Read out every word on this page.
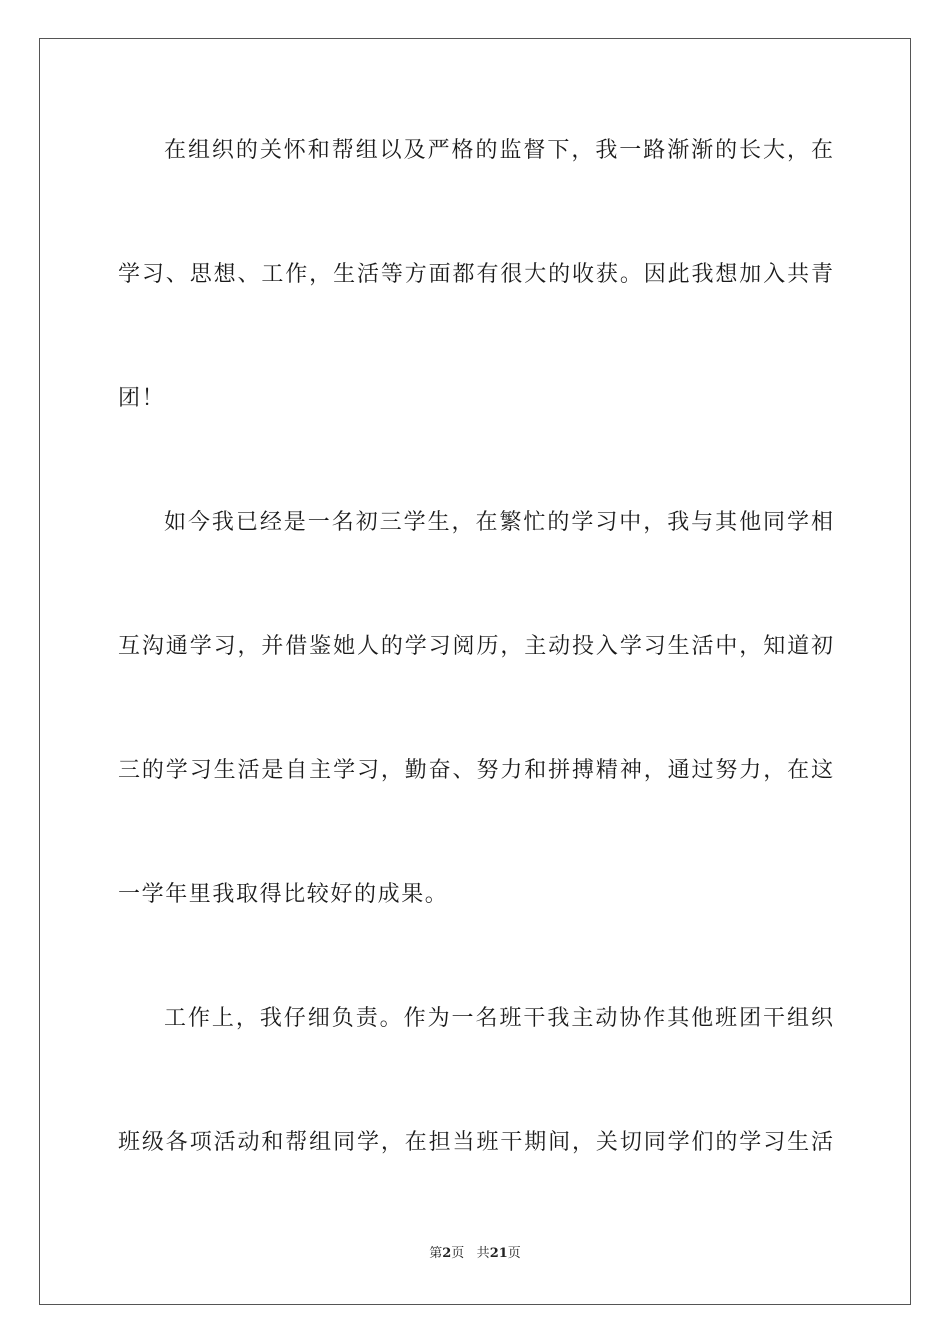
在组织的关怀和帮组以及严格的监督下，我一路渐渐的长大，在
学习、思想、工作，生活等方面都有很大的收获。因此我想加入共青
团！
如今我已经是一名初三学生，在繁忙的学习中，我与其他同学相
互沟通学习，并借鉴她人的学习阅历，主动投入学习生活中，知道初
三的学习生活是自主学习，勤奋、努力和拼搏精神，通过努力，在这
一学年里我取得比较好的成果。
工作上，我仔细负责。作为一名班干我主动协作其他班团干组织
班级各项活动和帮组同学，在担当班干期间，关切同学们的学习生活
第2页 共21页
